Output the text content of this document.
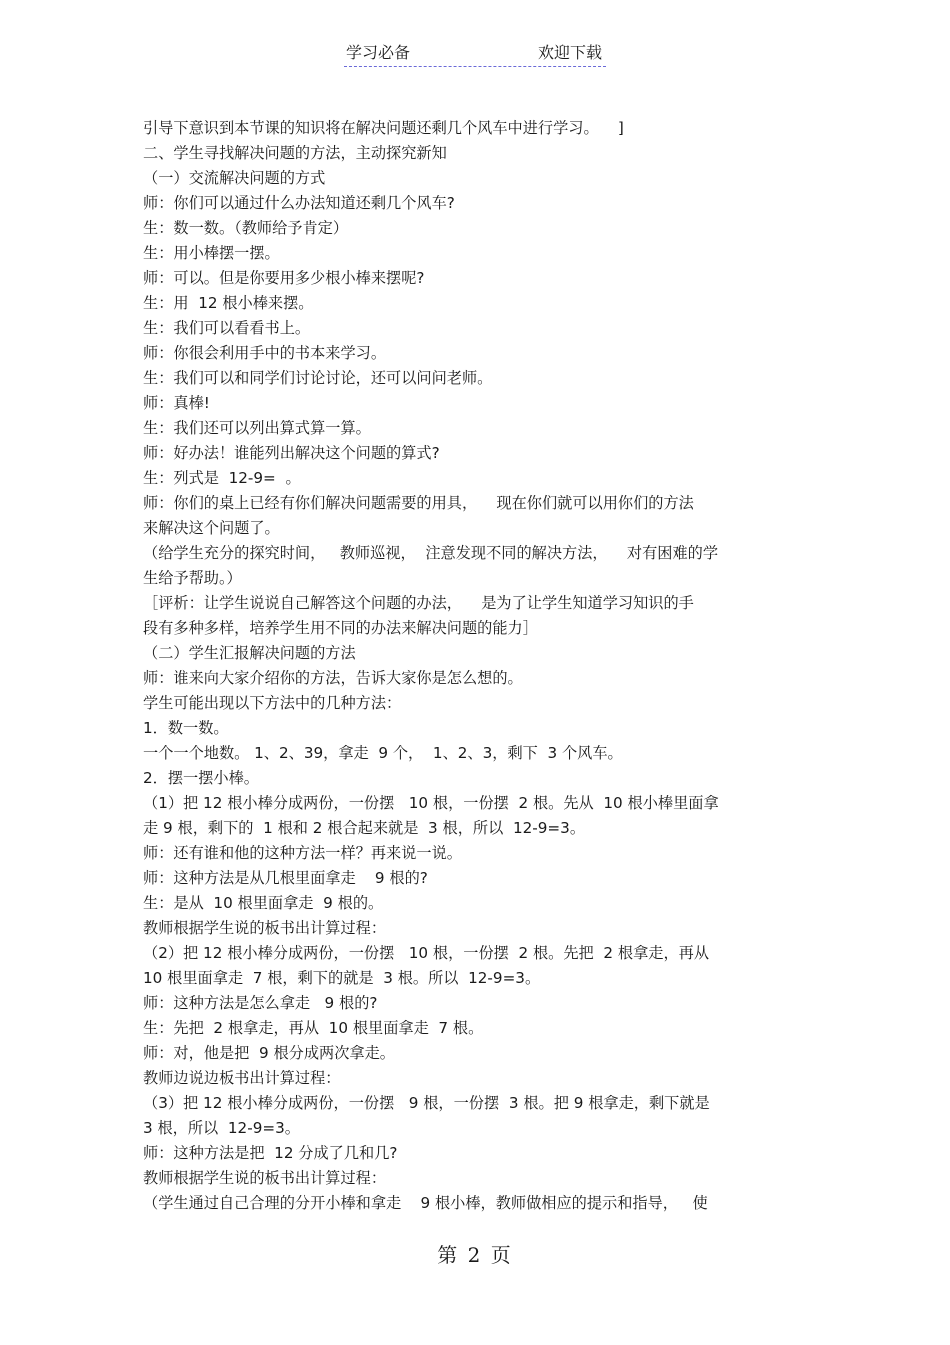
学习必备	欢迎下载
引导下意识到本节课的知识将在解决问题还剩几个风车中进行学习。    ]
二、学生寻找解决问题的方法，主动探究新知
（一）交流解决问题的方式
师：你们可以通过什么办法知道还剩几个风车?
生：数一数。（教师给予肯定）
生：用小棒摆一摆。
师：可以。但是你要用多少根小棒来摆呢?
生：用  12 根小棒来摆。
生：我们可以看看书上。
师：你很会利用手中的书本来学习。
生：我们可以和同学们讨论讨论，还可以问问老师。
师：真棒!
生：我们还可以列出算式算一算。
师：好办法！谁能列出解决这个问题的算式?
生：列式是  12-9=  。
师：你们的桌上已经有你们解决问题需要的用具，    现在你们就可以用你们的方法
来解决这个问题了。
（给学生充分的探究时间，   教师巡视，  注意发现不同的解决方法，    对有困难的学
生给予帮助。）
［评析：让学生说说自己解答这个问题的办法，    是为了让学生知道学习知识的手
段有多种多样，培养学生用不同的办法来解决问题的能力］
（二）学生汇报解决问题的方法
师：谁来向大家介绍你的方法，告诉大家你是怎么想的。
学生可能出现以下方法中的几种方法：
1．数一数。
一个一个地数。 1、2、39，拿走  9 个，  1、2、3，剩下  3 个风车。
2．摆一摆小棒。
（1）把 12 根小棒分成两份，一份摆   10 根，一份摆  2 根。先从  10 根小棒里面拿
走 9 根，剩下的  1 根和 2 根合起来就是  3 根，所以  12-9=3。
师：还有谁和他的这种方法一样？再来说一说。
师：这种方法是从几根里面拿走    9 根的?
生：是从  10 根里面拿走  9 根的。
教师根据学生说的板书出计算过程：
（2）把 12 根小棒分成两份，一份摆   10 根，一份摆  2 根。先把  2 根拿走，再从
10 根里面拿走  7 根，剩下的就是  3 根。所以  12-9=3。
师：这种方法是怎么拿走   9 根的?
生：先把  2 根拿走，再从  10 根里面拿走  7 根。
师：对，他是把  9 根分成两次拿走。
教师边说边板书出计算过程：
（3）把 12 根小棒分成两份，一份摆   9 根，一份摆  3 根。把 9 根拿走，剩下就是
3 根，所以  12-9=3。
师：这种方法是把  12 分成了几和几?
教师根据学生说的板书出计算过程：
（学生通过自己合理的分开小棒和拿走    9 根小棒，教师做相应的提示和指导，   使
第 2 页
